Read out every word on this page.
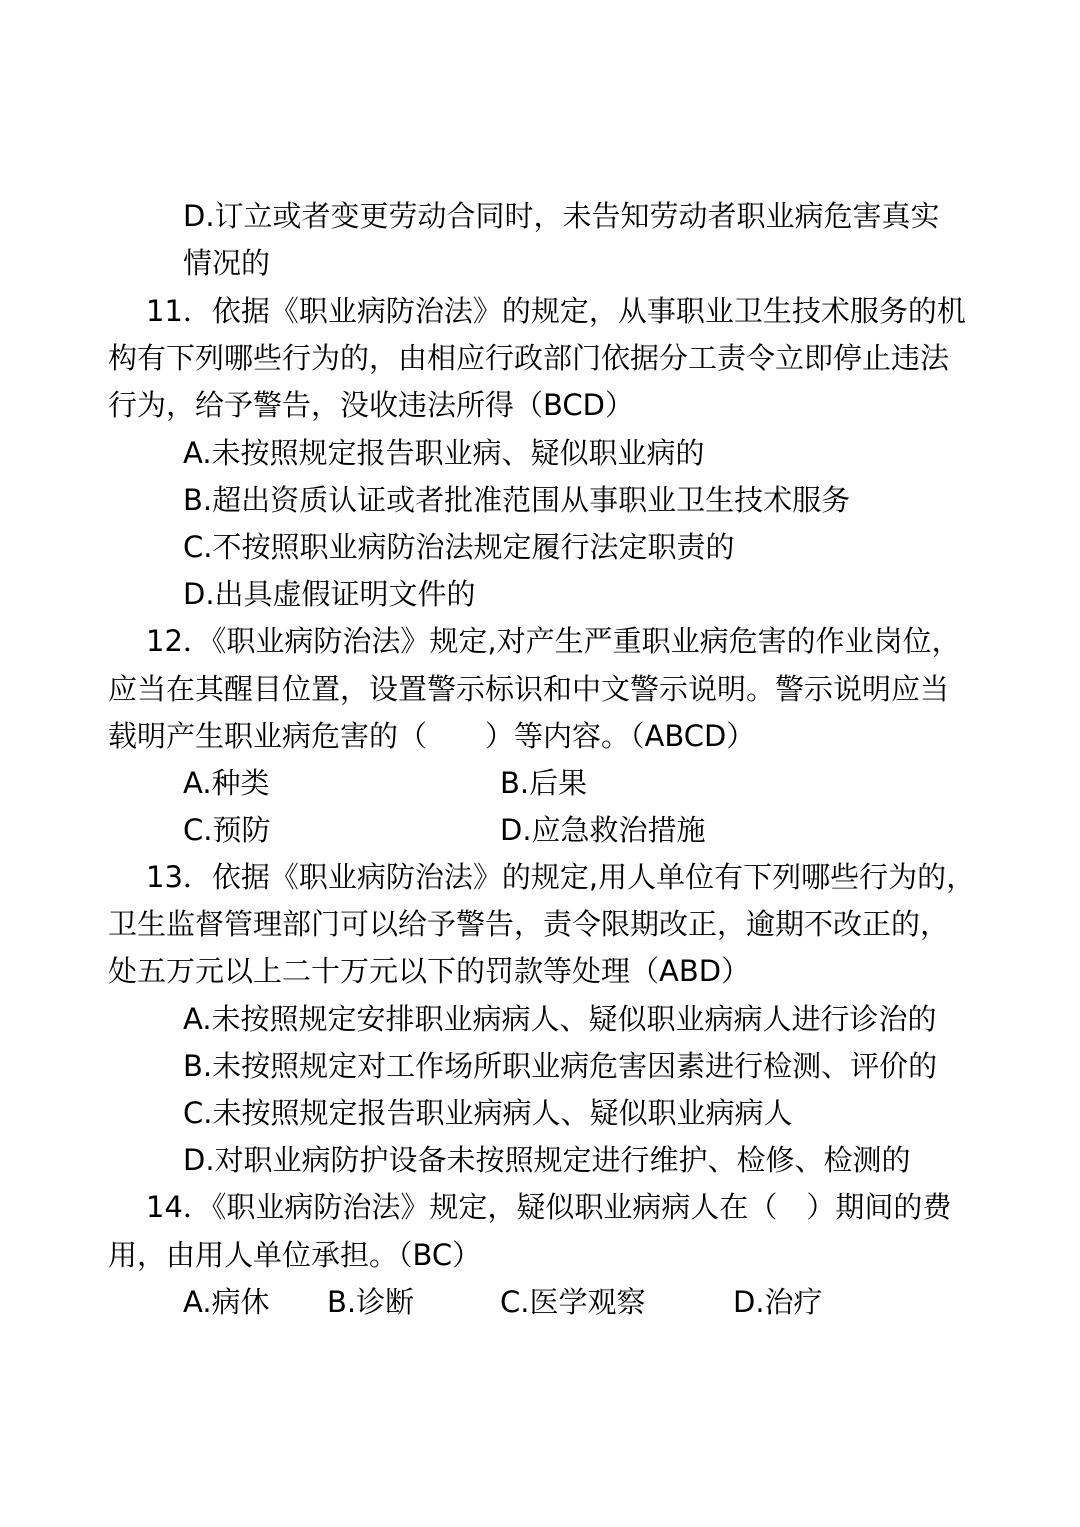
D.订立或者变更劳动合同时，未告知劳动者职业病危害真实
情况的
11．依据《职业病防治法》的规定，从事职业卫生技术服务的机
构有下列哪些行为的，由相应行政部门依据分工责令立即停止违法
行为，给予警告，没收违法所得（BCD）
A.未按照规定报告职业病、疑似职业病的
B.超出资质认证或者批准范围从事职业卫生技术服务
C.不按照职业病防治法规定履行法定职责的
D.出具虚假证明文件的
12．《职业病防治法》规定,对产生严重职业病危害的作业岗位，
应当在其醒目位置，设置警示标识和中文警示说明。警示说明应当
载明产生职业病危害的（　　）等内容。（ABCD）
A.种类	B.后果
C.预防	D.应急救治措施
13．依据《职业病防治法》的规定,用人单位有下列哪些行为的，
卫生监督管理部门可以给予警告，责令限期改正，逾期不改正的，
处五万元以上二十万元以下的罚款等处理（ABD）
A.未按照规定安排职业病病人、疑似职业病病人进行诊治的
B.未按照规定对工作场所职业病危害因素进行检测、评价的
C.未按照规定报告职业病病人、疑似职业病病人
D.对职业病防护设备未按照规定进行维护、检修、检测的
14．《职业病防治法》规定，疑似职业病病人在（　）期间的费
用，由用人单位承担。（BC）
A.病休 B.诊断	C.医学观察	D.治疗
